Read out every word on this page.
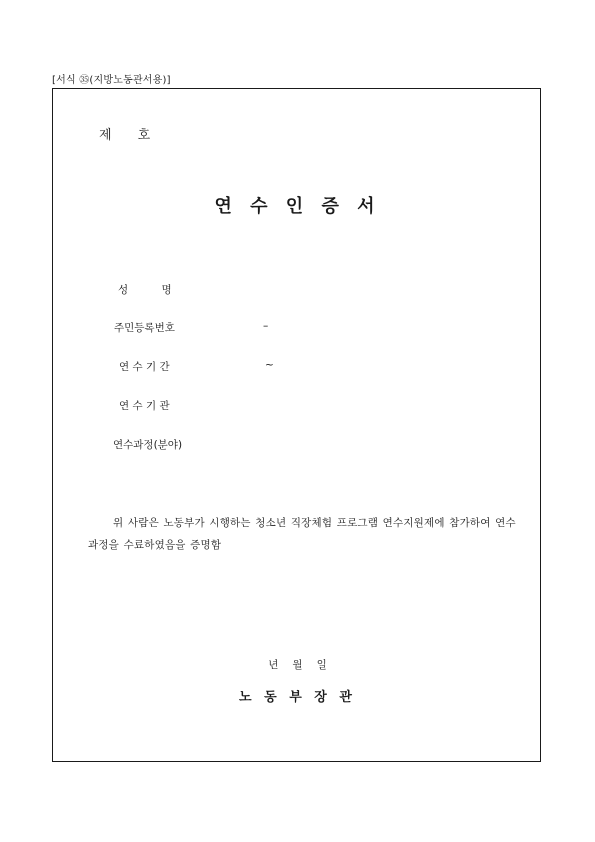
[서식 ㉟(지방노동관서용)]
제 호
연 수 인 증 서
성          명
주민등록번호	–
연 수 기 간	~
연 수 기 관
연수과정(분야)
위 사람은 노동부가 시행하는 청소년 직장체험 프로그램 연수지원제에 참가하여 연수과정을 수료하였음을 증명함
년 월 일
노 동 부 장 관
